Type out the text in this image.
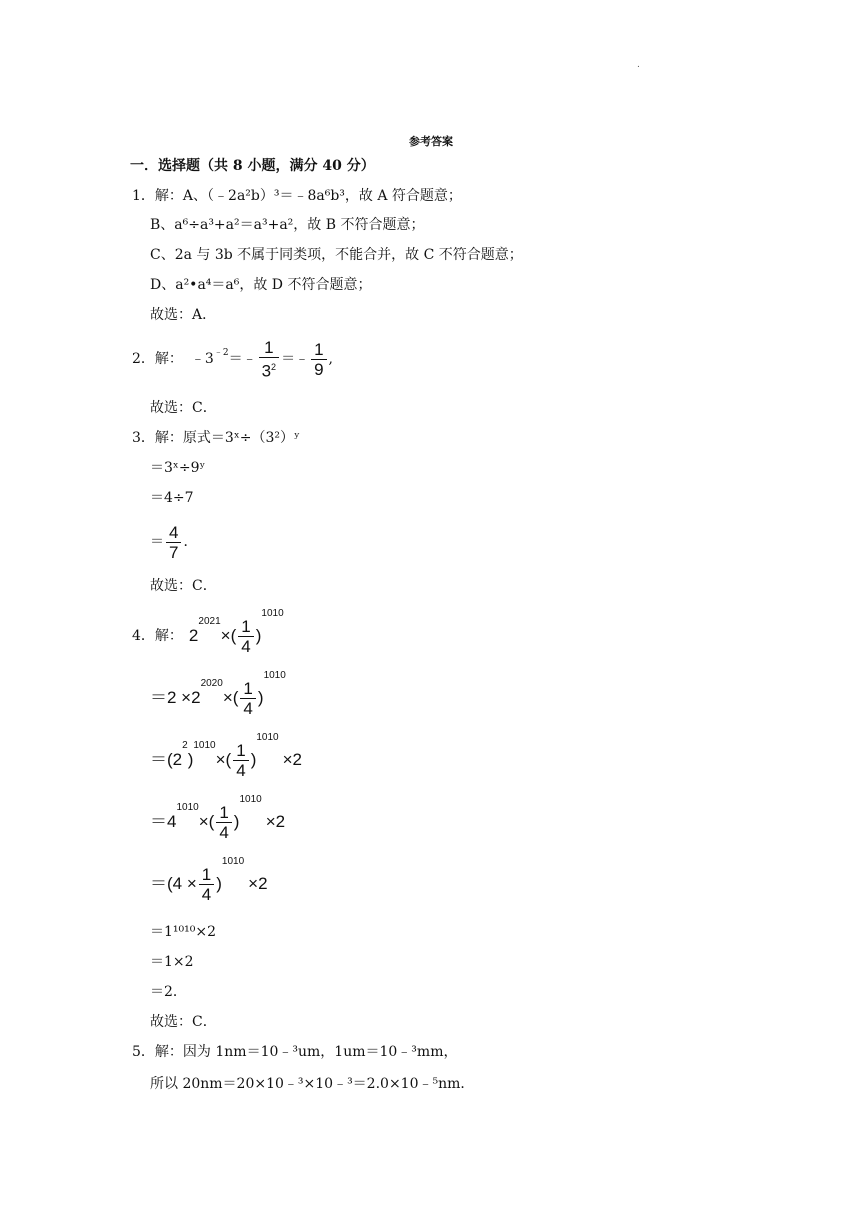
.
参考答案
一．选择题（共 8 小题，满分 40 分）
1．解：A、（﹣2a²b）³＝﹣8a⁶b³，故 A 符合题意；
B、a⁶÷a³+a²＝a³+a²，故 B 不符合题意；
C、2a 与 3b 不属于同类项，不能合并，故 C 不符合题意；
D、a²•a⁴＝a⁶，故 D 不符合题意；
故选：A．
2．解： $﹣3^{﹣2}$ ＝﹣ $\frac{1}{3^2}$ ＝﹣ $\frac{1}{9}$ ,
故选：C．
3．解：原式＝3ˣ÷（3²）ʸ
＝3ˣ÷9ʸ
＝4÷7
＝ $\frac{4}{7}$ ．
故选：C．
4．解： 2
2021
× ( $\frac{1}{4}$ )
1010
＝2 ×2
2020
× ( $\frac{1}{4}$ )
1010
＝(2
2
)
1010
× ( $\frac{1}{4}$ )
1010
×2
＝4
1010
× ( $\frac{1}{4}$ )
1010
×2
$=(4 \times \frac{1}{4}$ )
1010
×2
＝1¹⁰¹⁰×2
＝1×2
＝2．
故选：C．
5．解：因为 1nm＝10﹣³um，1um＝10﹣³mm，
所以 20nm＝20×10﹣³×10﹣³＝2.0×10﹣⁵nm．
